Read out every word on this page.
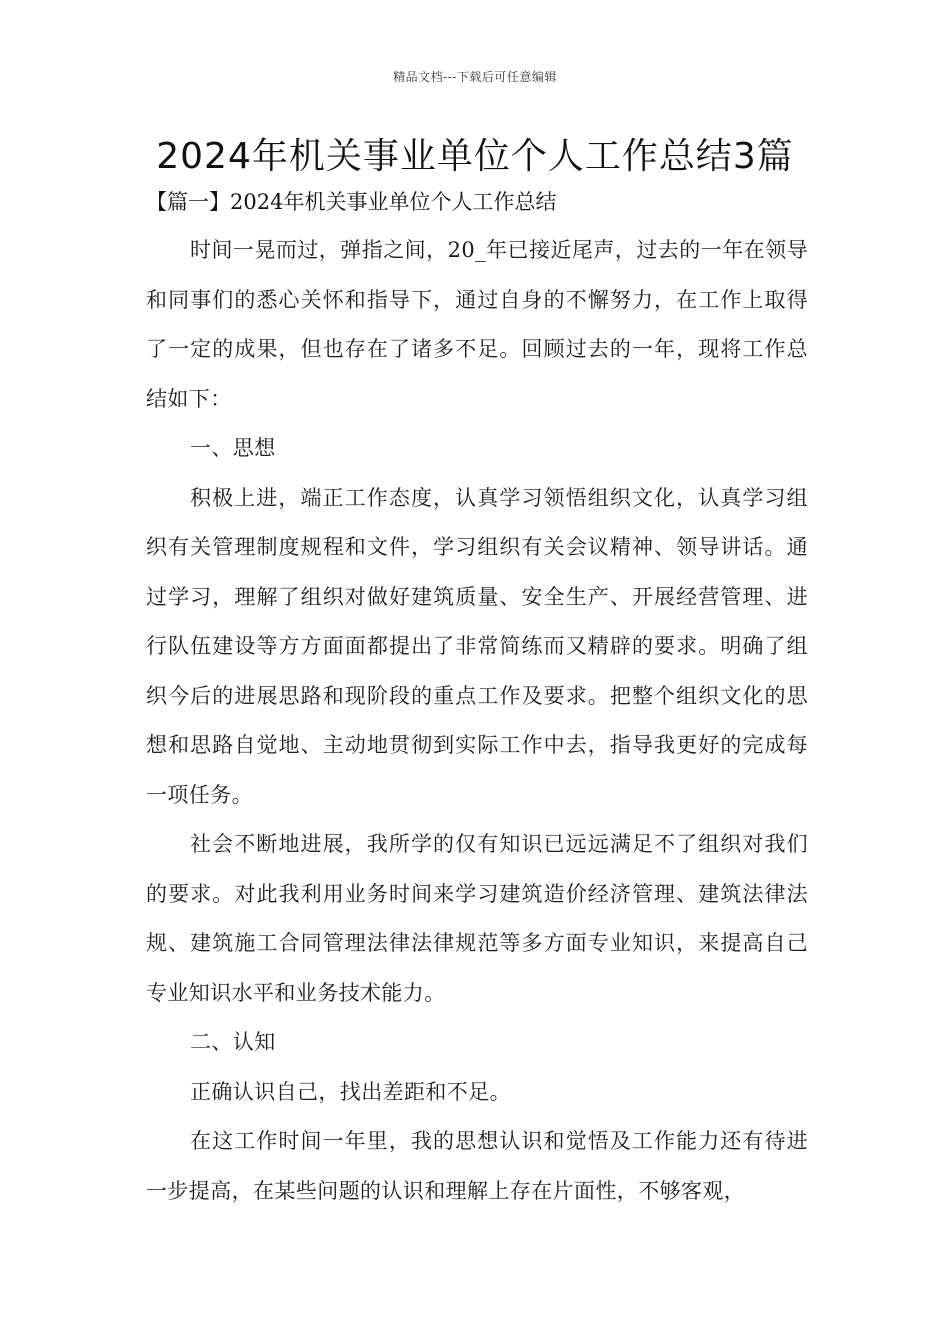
精品文档---下载后可任意编辑
2024年机关事业单位个人工作总结3篇
【篇一】2024年机关事业单位个人工作总结

时间一晃而过，弹指之间，20_年已接近尾声，过去的一年在领导和同事们的悉心关怀和指导下，通过自身的不懈努力，在工作上取得了一定的成果，但也存在了诸多不足。回顾过去的一年，现将工作总结如下：

一、思想

积极上进，端正工作态度，认真学习领悟组织文化，认真学习组织有关管理制度规程和文件，学习组织有关会议精神、领导讲话。通过学习，理解了组织对做好建筑质量、安全生产、开展经营管理、进行队伍建设等方方面面都提出了非常简练而又精辟的要求。明确了组织今后的进展思路和现阶段的重点工作及要求。把整个组织文化的思想和思路自觉地、主动地贯彻到实际工作中去，指导我更好的完成每一项任务。

社会不断地进展，我所学的仅有知识已远远满足不了组织对我们的要求。对此我利用业务时间来学习建筑造价经济管理、建筑法律法规、建筑施工合同管理法律法律规范等多方面专业知识，来提高自己专业知识水平和业务技术能力。

二、认知

正确认识自己，找出差距和不足。

在这工作时间一年里，我的思想认识和觉悟及工作能力还有待进一步提高，在某些问题的认识和理解上存在片面性，不够客观，
